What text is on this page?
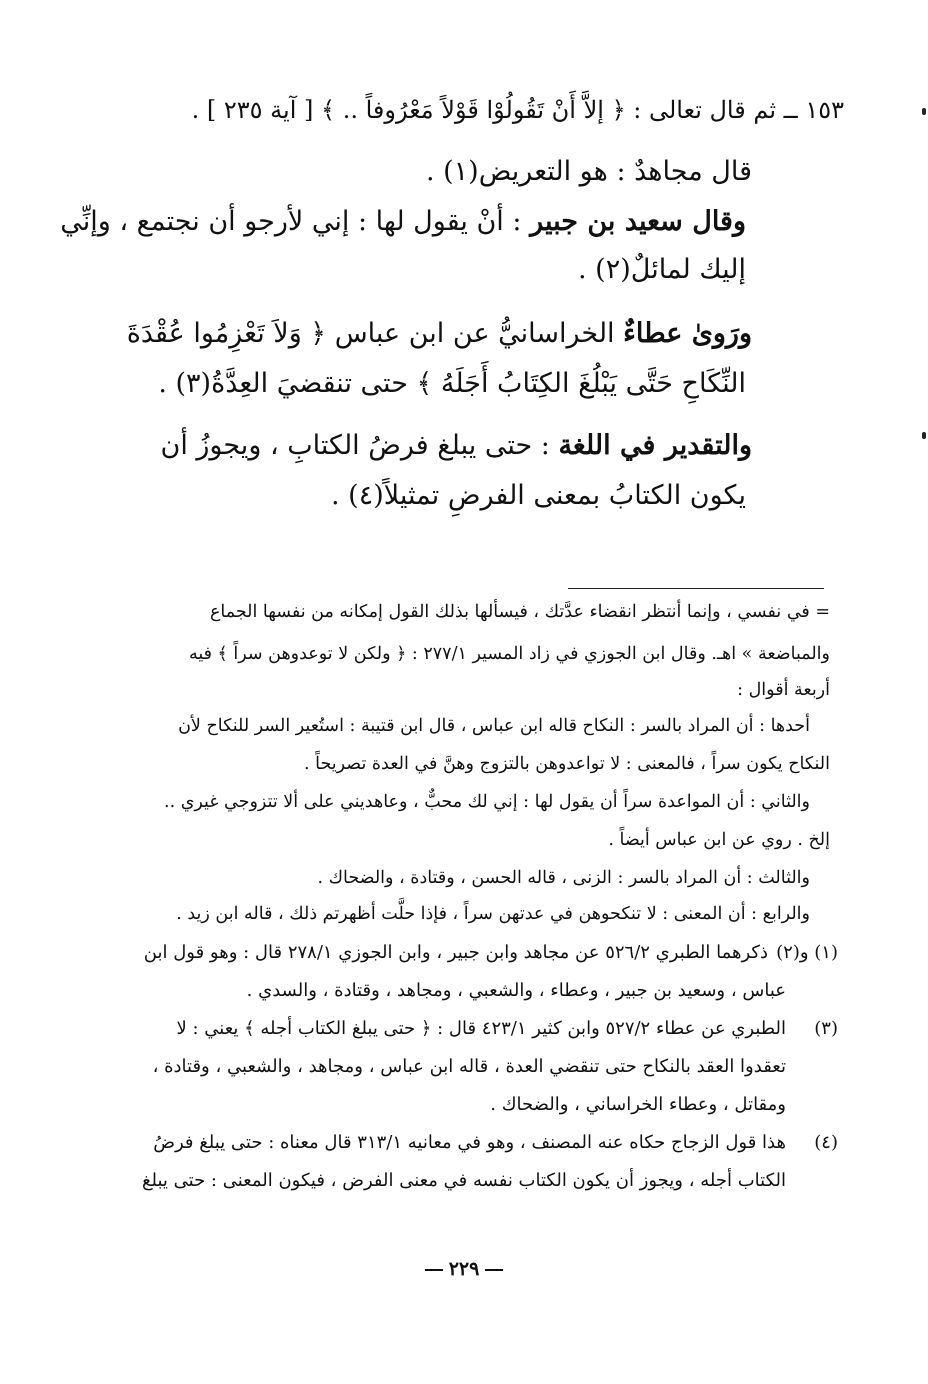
١٥٣ ــ ثم قال تعالى : ﴿ إلاَّ أَنْ تَقُولُوْا قَوْلاً مَعْرُوفاً .. ﴾ [ آية ٢٣٥ ] .
قال مجاهدٌ : هو التعريض(١) .
وقال سعيد بن جبير : أنْ يقول لها : إني لأرجو أن نجتمع ، وإنِّي
إليك لمائلٌ(٢) .
ورَوىٰ عطاءٌ الخراسانيُّ عن ابن عباس ﴿ وَلاَ تَعْزِمُوا عُقْدَةَ
النِّكَاحِ حَتَّى يَبْلُغَ الكِتَابُ أَجَلَهُ ﴾ حتى تنقضيَ العِدَّةُ(٣) .
والتقدير في اللغة : حتى يبلغ فرضُ الكتابِ ، ويجوزُ أن
يكون الكتابُ بمعنى الفرضِ تمثيلاً(٤) .
= في نفسي ، وإنما أنتظر انقضاء عدَّتك ، فيسألها بذلك القول إمكانه من نفسها الجماع
والمباضعة » اهـ. وقال ابن الجوزي في زاد المسير ٢٧٧/١ : ﴿ ولكن لا توعدوهن سراً ﴾ فيه
أربعة أقوال :
أحدها : أن المراد بالسر : النكاح قاله ابن عباس ، قال ابن قتيبة : استُعير السر للنكاح لأن
النكاح يكون سراً ، فالمعنى : لا تواعدوهن بالتزوج وهنَّ في العدة تصريحاً .
والثاني : أن المواعدة سراً أن يقول لها : إني لك محبٌّ ، وعاهديني على ألا تتزوجي غيري ..
إلخ . روي عن ابن عباس أيضاً .
والثالث : أن المراد بالسر : الزنى ، قاله الحسن ، وقتادة ، والضحاك .
والرابع : أن المعنى : لا تنكحوهن في عدتهن سراً ، فإذا حلَّت أظهرتم ذلك ، قاله ابن زيد .
(١) و(٢)
ذكرهما الطبري ٥٢٦/٢ عن مجاهد وابن جبير ، وابن الجوزي ٢٧٨/١ قال : وهو قول ابن
عباس ، وسعيد بن جبير ، وعطاء ، والشعبي ، ومجاهد ، وقتادة ، والسدي .
(٣)
الطبري عن عطاء ٥٢٧/٢ وابن كثير ٤٢٣/١ قال : ﴿ حتى يبلغ الكتاب أجله ﴾ يعني : لا
تعقدوا العقد بالنكاح حتى تنقضي العدة ، قاله ابن عباس ، ومجاهد ، والشعبي ، وقتادة ،
ومقاتل ، وعطاء الخراساني ، والضحاك .
(٤)
هذا قول الزجاج حكاه عنه المصنف ، وهو في معانيه ٣١٣/١ قال معناه : حتى يبلغ فرضُ
الكتاب أجله ، ويجوز أن يكون الكتاب نفسه في معنى الفرض ، فيكون المعنى : حتى يبلغ
٢٢٩
